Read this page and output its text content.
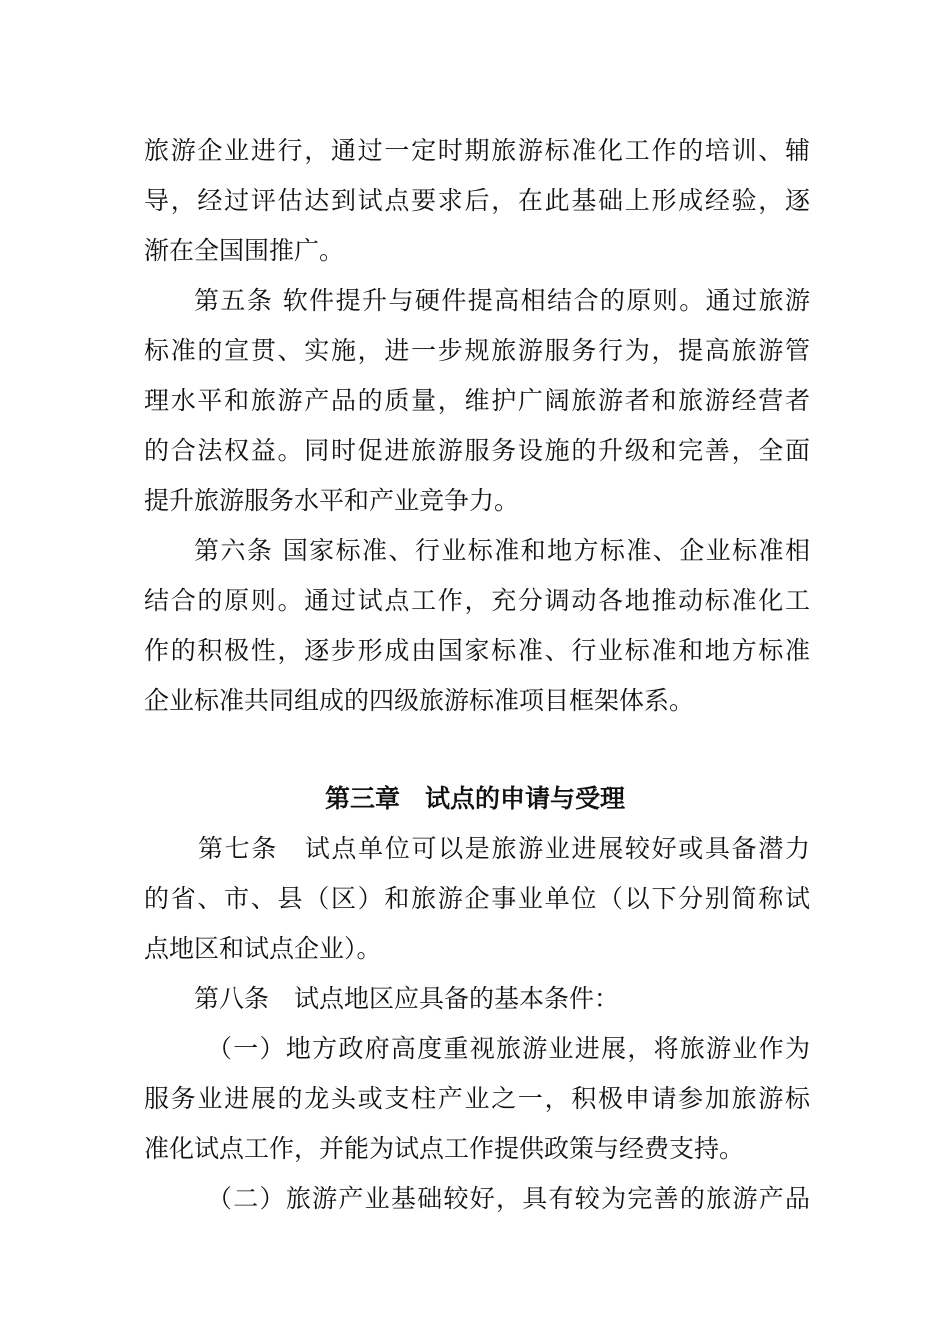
旅游企业进行，通过一定时期旅游标准化工作的培训、辅
导，经过评估达到试点要求后，在此基础上形成经验，逐
渐在全国围推广。
第五条 软件提升与硬件提高相结合的原则。通过旅游
标准的宣贯、实施，进一步规旅游服务行为，提高旅游管
理水平和旅游产品的质量，维护广阔旅游者和旅游经营者
的合法权益。同时促进旅游服务设施的升级和完善，全面
提升旅游服务水平和产业竞争力。
第六条 国家标准、行业标准和地方标准、企业标准相
结合的原则。通过试点工作，充分调动各地推动标准化工
作的积极性，逐步形成由国家标准、行业标准和地方标准
企业标准共同组成的四级旅游标准项目框架体系。
第三章　试点的申请与受理
第七条　试点单位可以是旅游业进展较好或具备潜力
的省、市、县（区）和旅游企事业单位（以下分别简称试
点地区和试点企业）。
第八条　试点地区应具备的基本条件：
（一）地方政府高度重视旅游业进展，将旅游业作为
服务业进展的龙头或支柱产业之一，积极申请参加旅游标
准化试点工作，并能为试点工作提供政策与经费支持。
（二）旅游产业基础较好，具有较为完善的旅游产品
